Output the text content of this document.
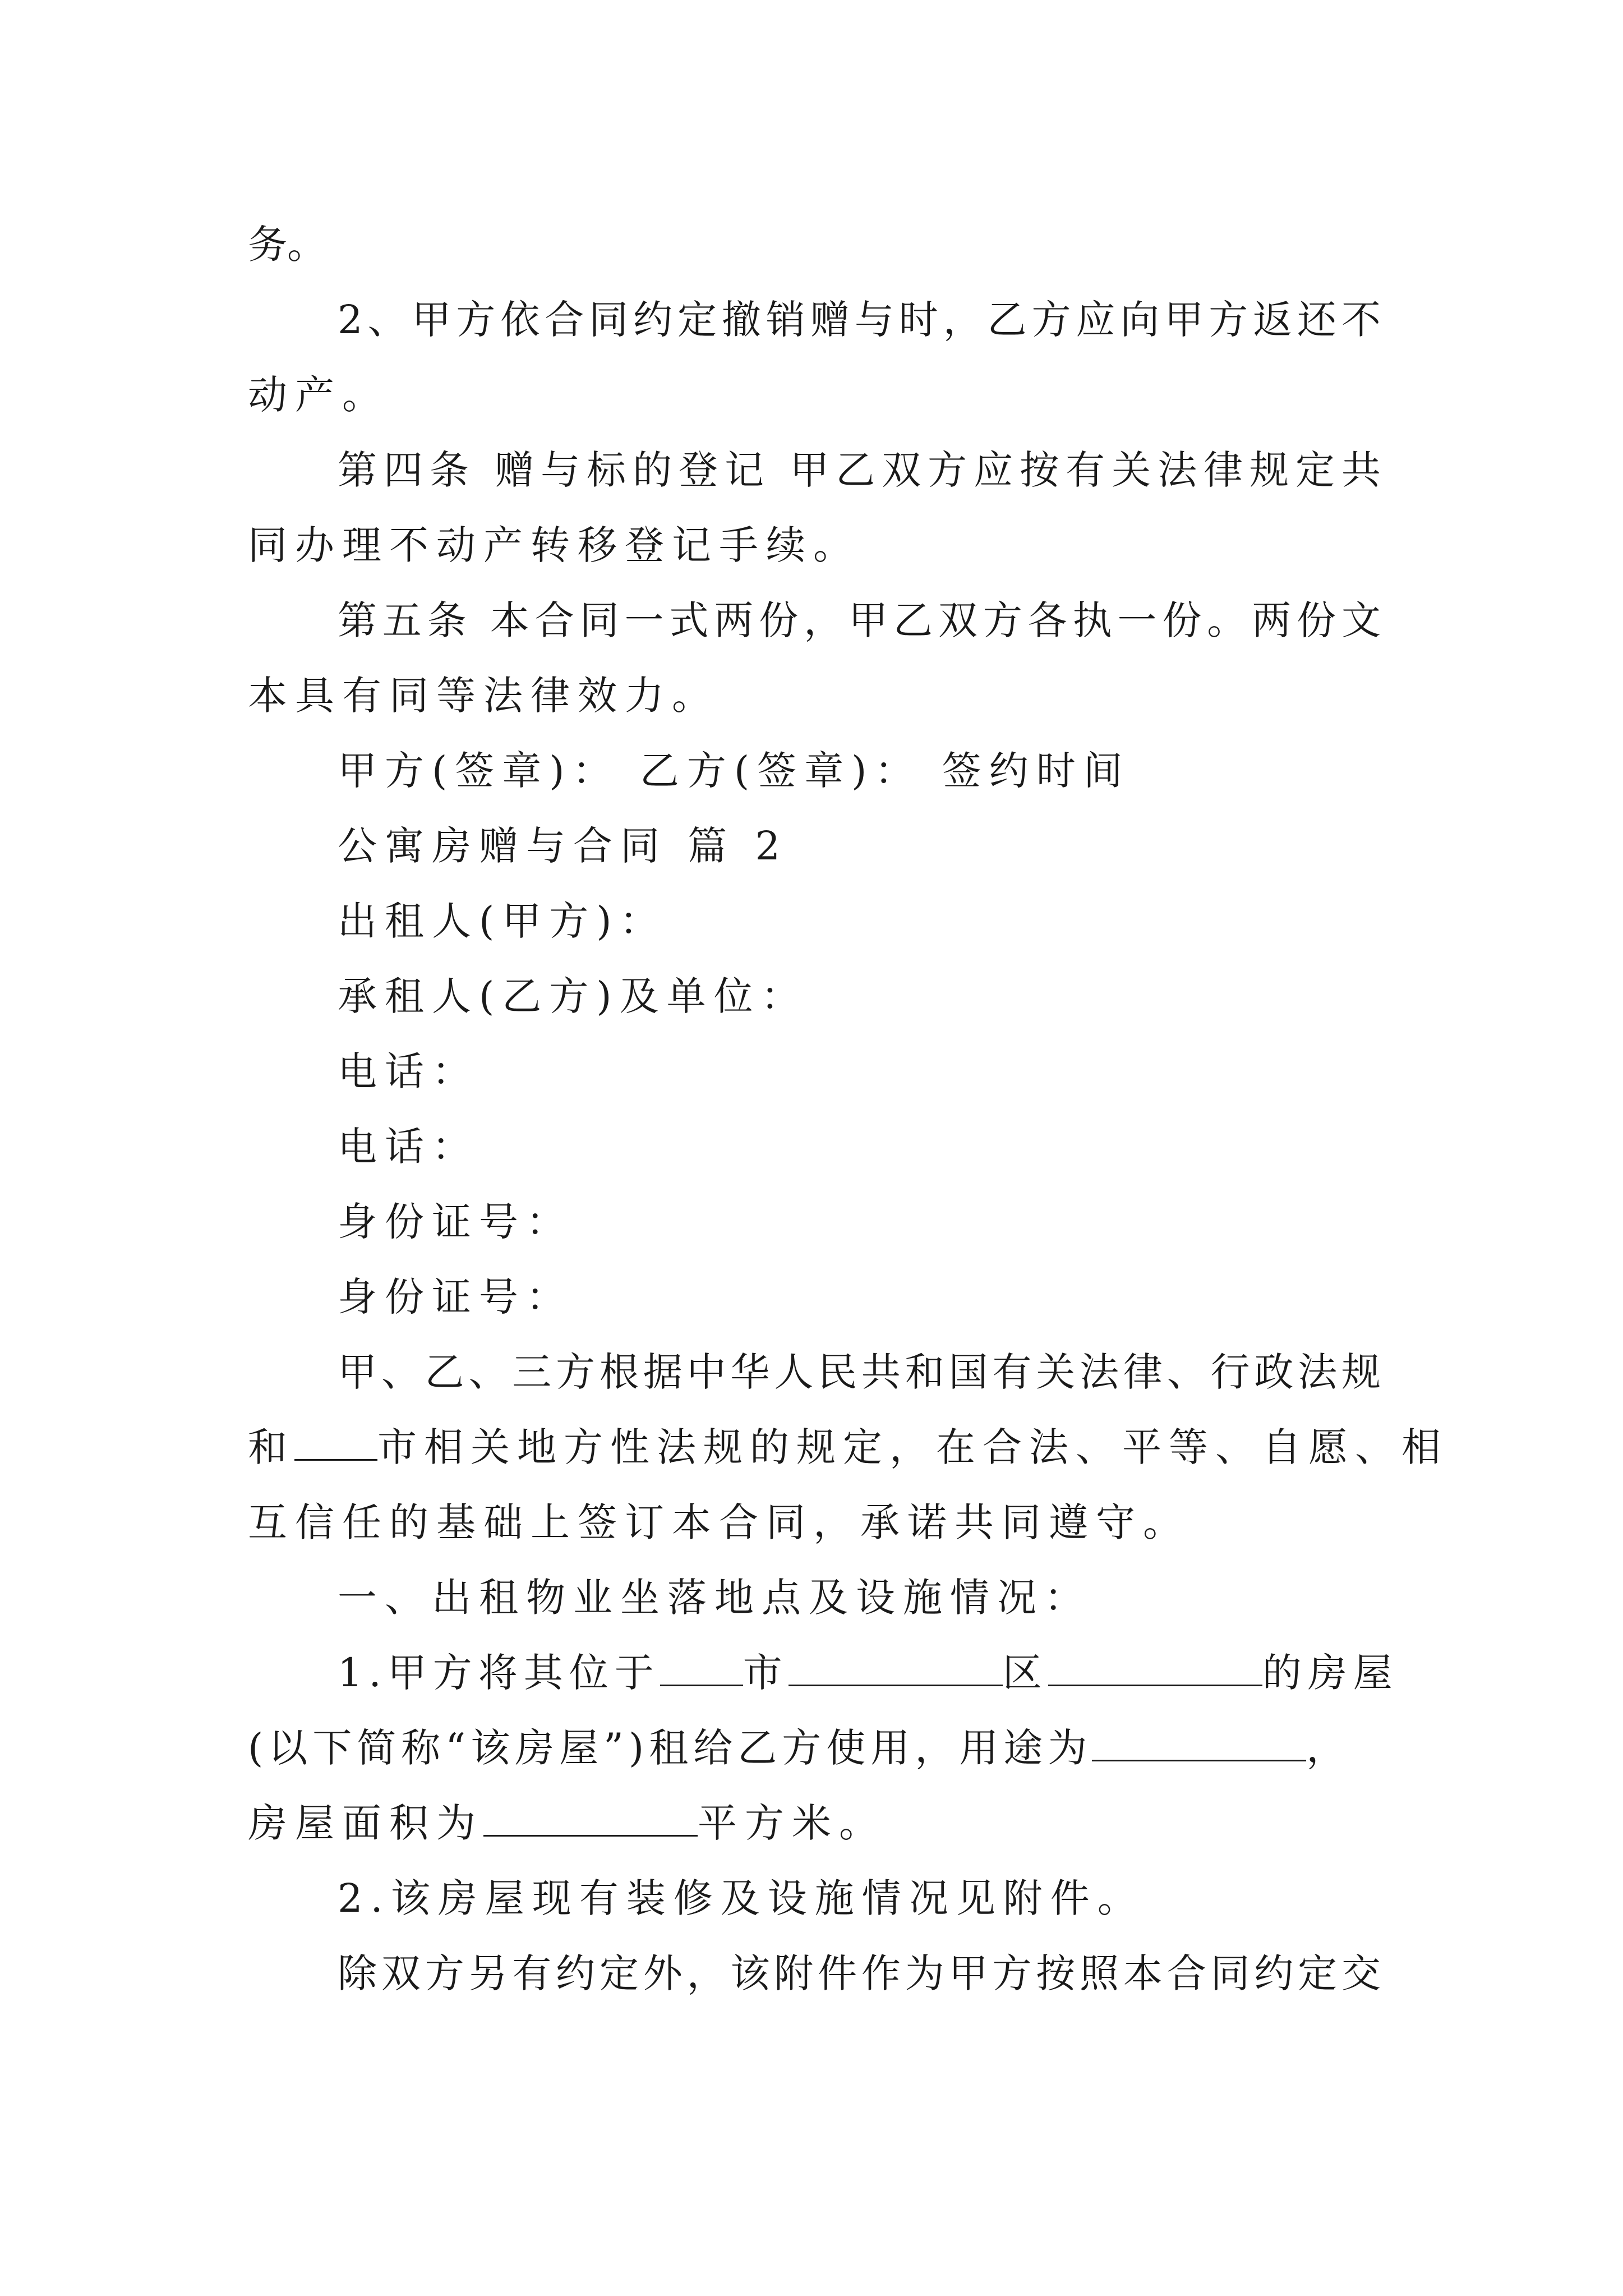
务。
2、甲方依合同约定撤销赠与时，乙方应向甲方返还不
动产。
第四条 赠与标的登记 甲乙双方应按有关法律规定共
同办理不动产转移登记手续。
第五条 本合同一式两份，甲乙双方各执一份。两份文
本具有同等法律效力。
甲方(签章)： 乙方(签章)： 签约时间
公寓房赠与合同 篇 2
出租人(甲方)：
承租人(乙方)及单位：
电话：
电话：
身份证号：
身份证号：
甲、乙、三方根据中华人民共和国有关法律、行政法规
和 市相关地方性法规的规定，在合法、平等、自愿、相
互信任的基础上签订本合同，承诺共同遵守。
一、出租物业坐落地点及设施情况：
1.甲方将其位于 市	区	的房屋
(以下简称“该房屋”)租给乙方使用，用途为	，
房屋面积为	平方米。
2.该房屋现有装修及设施情况见附件。
除双方另有约定外，该附件作为甲方按照本合同约定交
